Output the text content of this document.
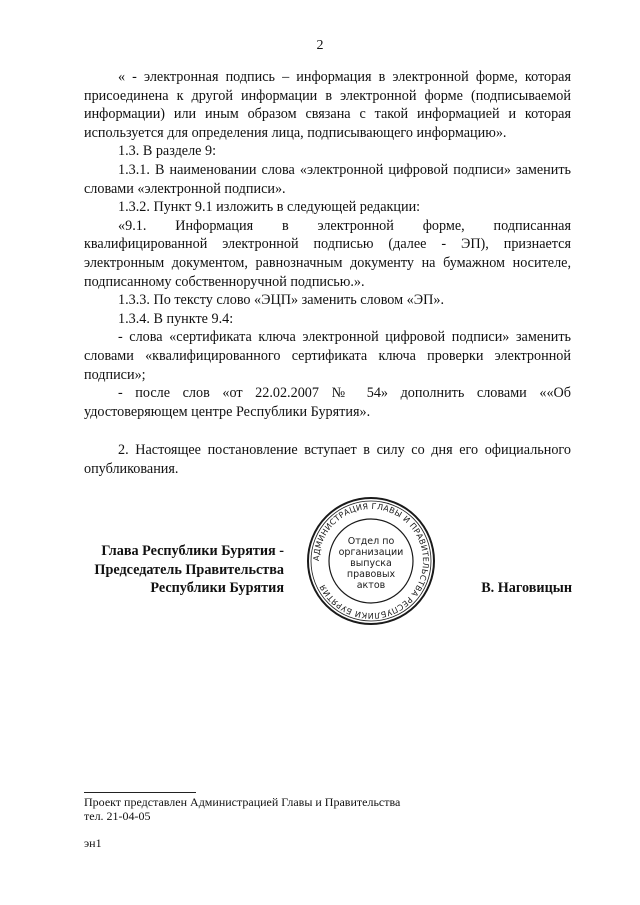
2

« - электронная подпись – информация в электронной форме, которая присоединена к другой информации в электронной форме (подписываемой информации) или иным образом связана с такой информацией и которая используется для определения лица, подписывающего информацию».

1.3. В разделе 9:

1.3.1. В наименовании слова «электронной цифровой подписи» заменить словами «электронной подписи».

1.3.2. Пункт 9.1 изложить в следующей редакции:

«9.1. Информация в электронной форме, подписанная квалифицированной электронной подписью (далее - ЭП), признается электронным документом, равнозначным документу на бумажном носителе, подписанному собственноручной подписью.».

1.3.3. По тексту слово «ЭЦП» заменить словом «ЭП».

1.3.4. В пункте 9.4:

- слова «сертификата ключа электронной цифровой подписи» заменить словами «квалифицированного сертификата ключа проверки электронной подписи»;

- после слов «от 22.02.2007 № 54» дополнить словами ««Об удостоверяющем центре Республики Бурятия».

2. Настоящее постановление вступает в силу со дня его официального опубликования.

Глава Республики Бурятия -
Председатель Правительства
Республики Бурятия
АДМИНИСТРАЦИЯ ГЛАВЫ И ПРАВИТЕЛЬСТВА РЕСПУБЛИКИ БУРЯТИЯ
Отдел по
организации
выпуска
правовых
актов	В. Наговицын
Проект представлен Администрацией Главы и Правительства
тел. 21-04-05
эн1
